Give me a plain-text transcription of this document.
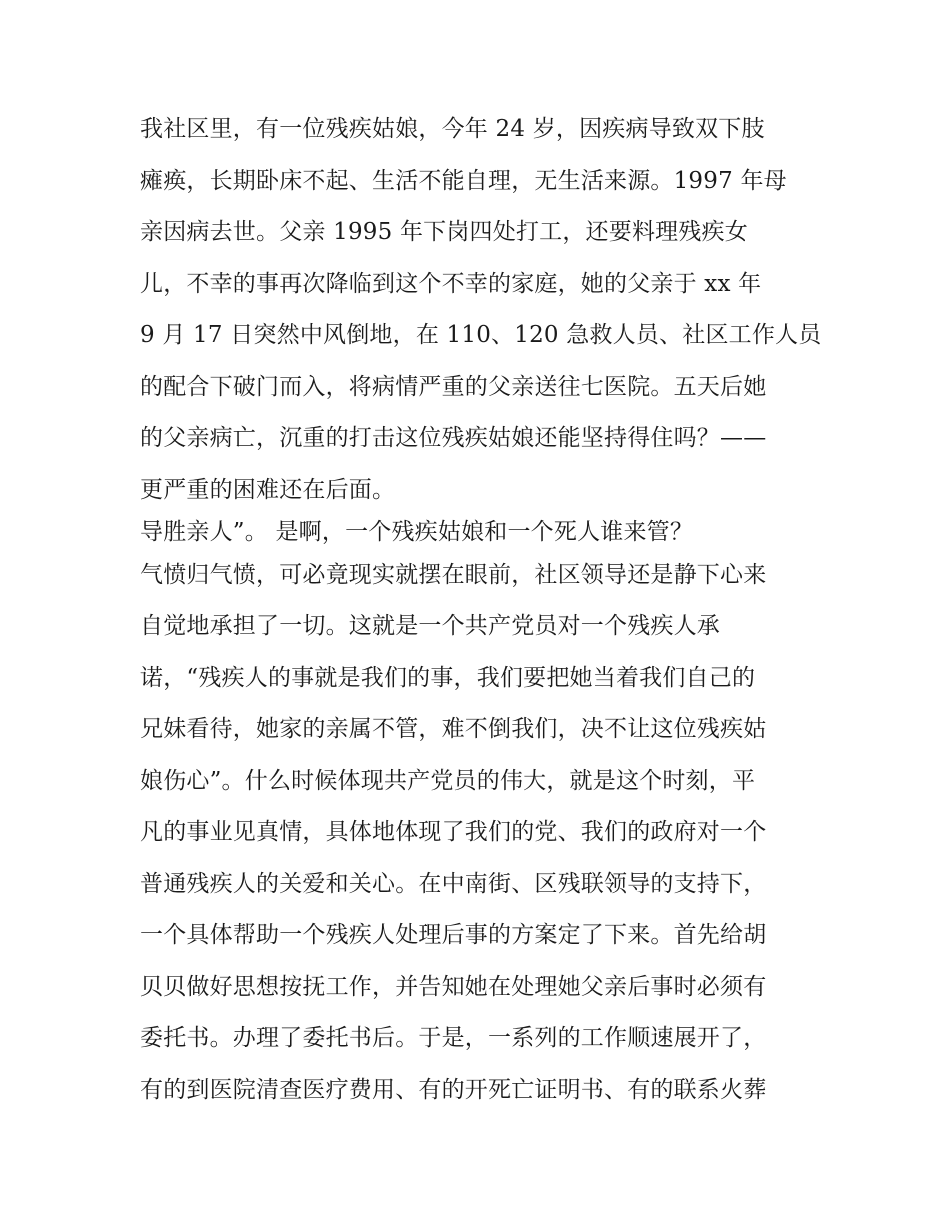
我社区里，有一位残疾姑娘，今年 24 岁，因疾病导致双下肢
瘫痪，长期卧床不起、生活不能自理，无生活来源。1997 年母
亲因病去世。父亲 1995 年下岗四处打工，还要料理残疾女
儿，不幸的事再次降临到这个不幸的家庭，她的父亲于 xx 年
9 月 17 日突然中风倒地，在 110、120 急救人员、社区工作人员
的配合下破门而入，将病情严重的父亲送往七医院。五天后她
的父亲病亡，沉重的打击这位残疾姑娘还能坚持得住吗？——
更严重的困难还在后面。
导胜亲人”。 是啊，一个残疾姑娘和一个死人谁来管？
气愤归气愤，可必竟现实就摆在眼前，社区领导还是静下心来
自觉地承担了一切。这就是一个共产党员对一个残疾人承
诺，“残疾人的事就是我们的事，我们要把她当着我们自己的
兄妹看待，她家的亲属不管，难不倒我们，决不让这位残疾姑
娘伤心”。什么时候体现共产党员的伟大，就是这个时刻，平
凡的事业见真情，具体地体现了我们的党、我们的政府对一个
普通残疾人的关爱和关心。在中南街、区残联领导的支持下，
一个具体帮助一个残疾人处理后事的方案定了下来。首先给胡
贝贝做好思想按抚工作，并告知她在处理她父亲后事时必须有
委托书。办理了委托书后。于是，一系列的工作顺速展开了，
有的到医院清查医疗费用、有的开死亡证明书、有的联系火葬
